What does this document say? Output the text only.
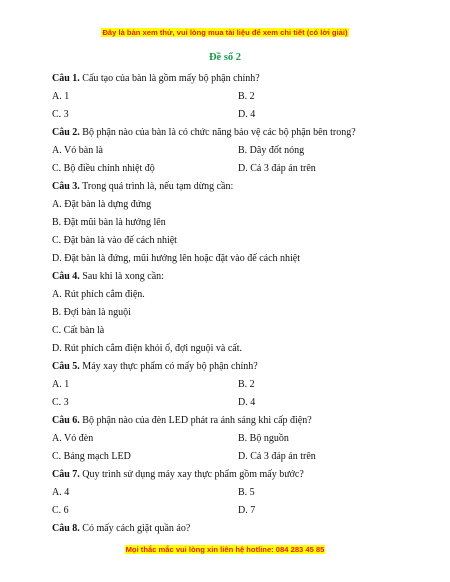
Đây là bản xem thử, vui lòng mua tài liệu để xem chi tiết (có lời giải)
Đề số 2
Câu 1. Cấu tạo của bàn là gồm mấy bộ phận chính?
A. 1	B. 2
C. 3	D. 4
Câu 2. Bộ phận nào của bàn là có chức năng bảo vệ các bộ phận bên trong?
A. Vỏ bàn là	B. Dây đốt nóng
C. Bộ điều chỉnh nhiệt độ	D. Cả 3 đáp án trên
Câu 3. Trong quá trình là, nếu tạm dừng cần:
A. Đặt bàn là dựng đứng
B. Đặt mũi bàn là hướng lên
C. Đặt bàn là vào đế cách nhiệt
D. Đặt bàn là đứng, mũi hướng lên hoặc đặt vào đế cách nhiệt
Câu 4. Sau khi là xong cần:
A. Rút phích cắm điện.
B. Đợi bàn là nguội
C. Cất bàn là
D. Rút phích cắm điện khỏi ổ, đợi nguội và cất.
Câu 5. Máy xay thực phẩm có mấy bộ phận chính?
A. 1	B. 2
C. 3	D. 4
Câu 6. Bộ phận nào của đèn LED phát ra ánh sáng khi cấp điện?
A. Vỏ đèn	B. Bộ nguồn
C. Bảng mạch LED	D. Cả 3 đáp án trên
Câu 7. Quy trình sử dụng máy xay thực phẩm gồm mấy bước?
A. 4	B. 5
C. 6	D. 7
Câu 8. Có mấy cách giặt quần áo?
Mọi thắc mắc vui lòng xin liên hệ hotline: 084 283 45 85
